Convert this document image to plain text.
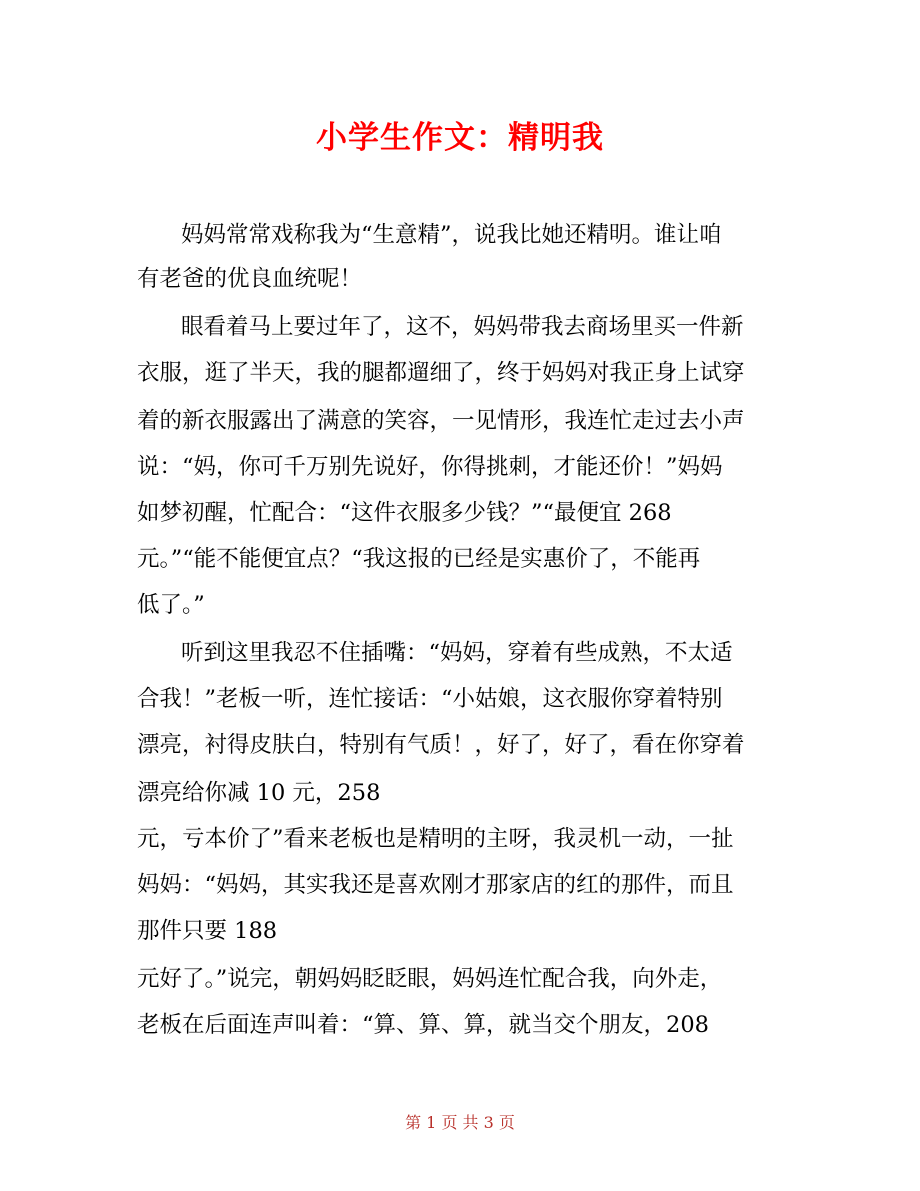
小学生作文：精明我
妈妈常常戏称我为“生意精”，说我比她还精明。谁让咱
有老爸的优良血统呢！
眼看着马上要过年了，这不，妈妈带我去商场里买一件新
衣服，逛了半天，我的腿都遛细了，终于妈妈对我正身上试穿
着的新衣服露出了满意的笑容，一见情形，我连忙走过去小声
说：“妈，你可千万别先说好，你得挑刺，才能还价！”妈妈
如梦初醒，忙配合：“这件衣服多少钱？”“最便宜 268
元。”“能不能便宜点？“我这报的已经是实惠价了，不能再
低了。”
听到这里我忍不住插嘴：“妈妈，穿着有些成熟，不太适
合我！”老板一听，连忙接话：“小姑娘，这衣服你穿着特别
漂亮，衬得皮肤白，特别有气质！，好了，好了，看在你穿着
漂亮给你减 10 元，258
元，亏本价了”看来老板也是精明的主呀，我灵机一动，一扯
妈妈：“妈妈，其实我还是喜欢刚才那家店的红的那件，而且
那件只要 188
元好了。”说完，朝妈妈眨眨眼，妈妈连忙配合我，向外走，
老板在后面连声叫着：“算、算、算，就当交个朋友，208
第 1 页 共 3 页
